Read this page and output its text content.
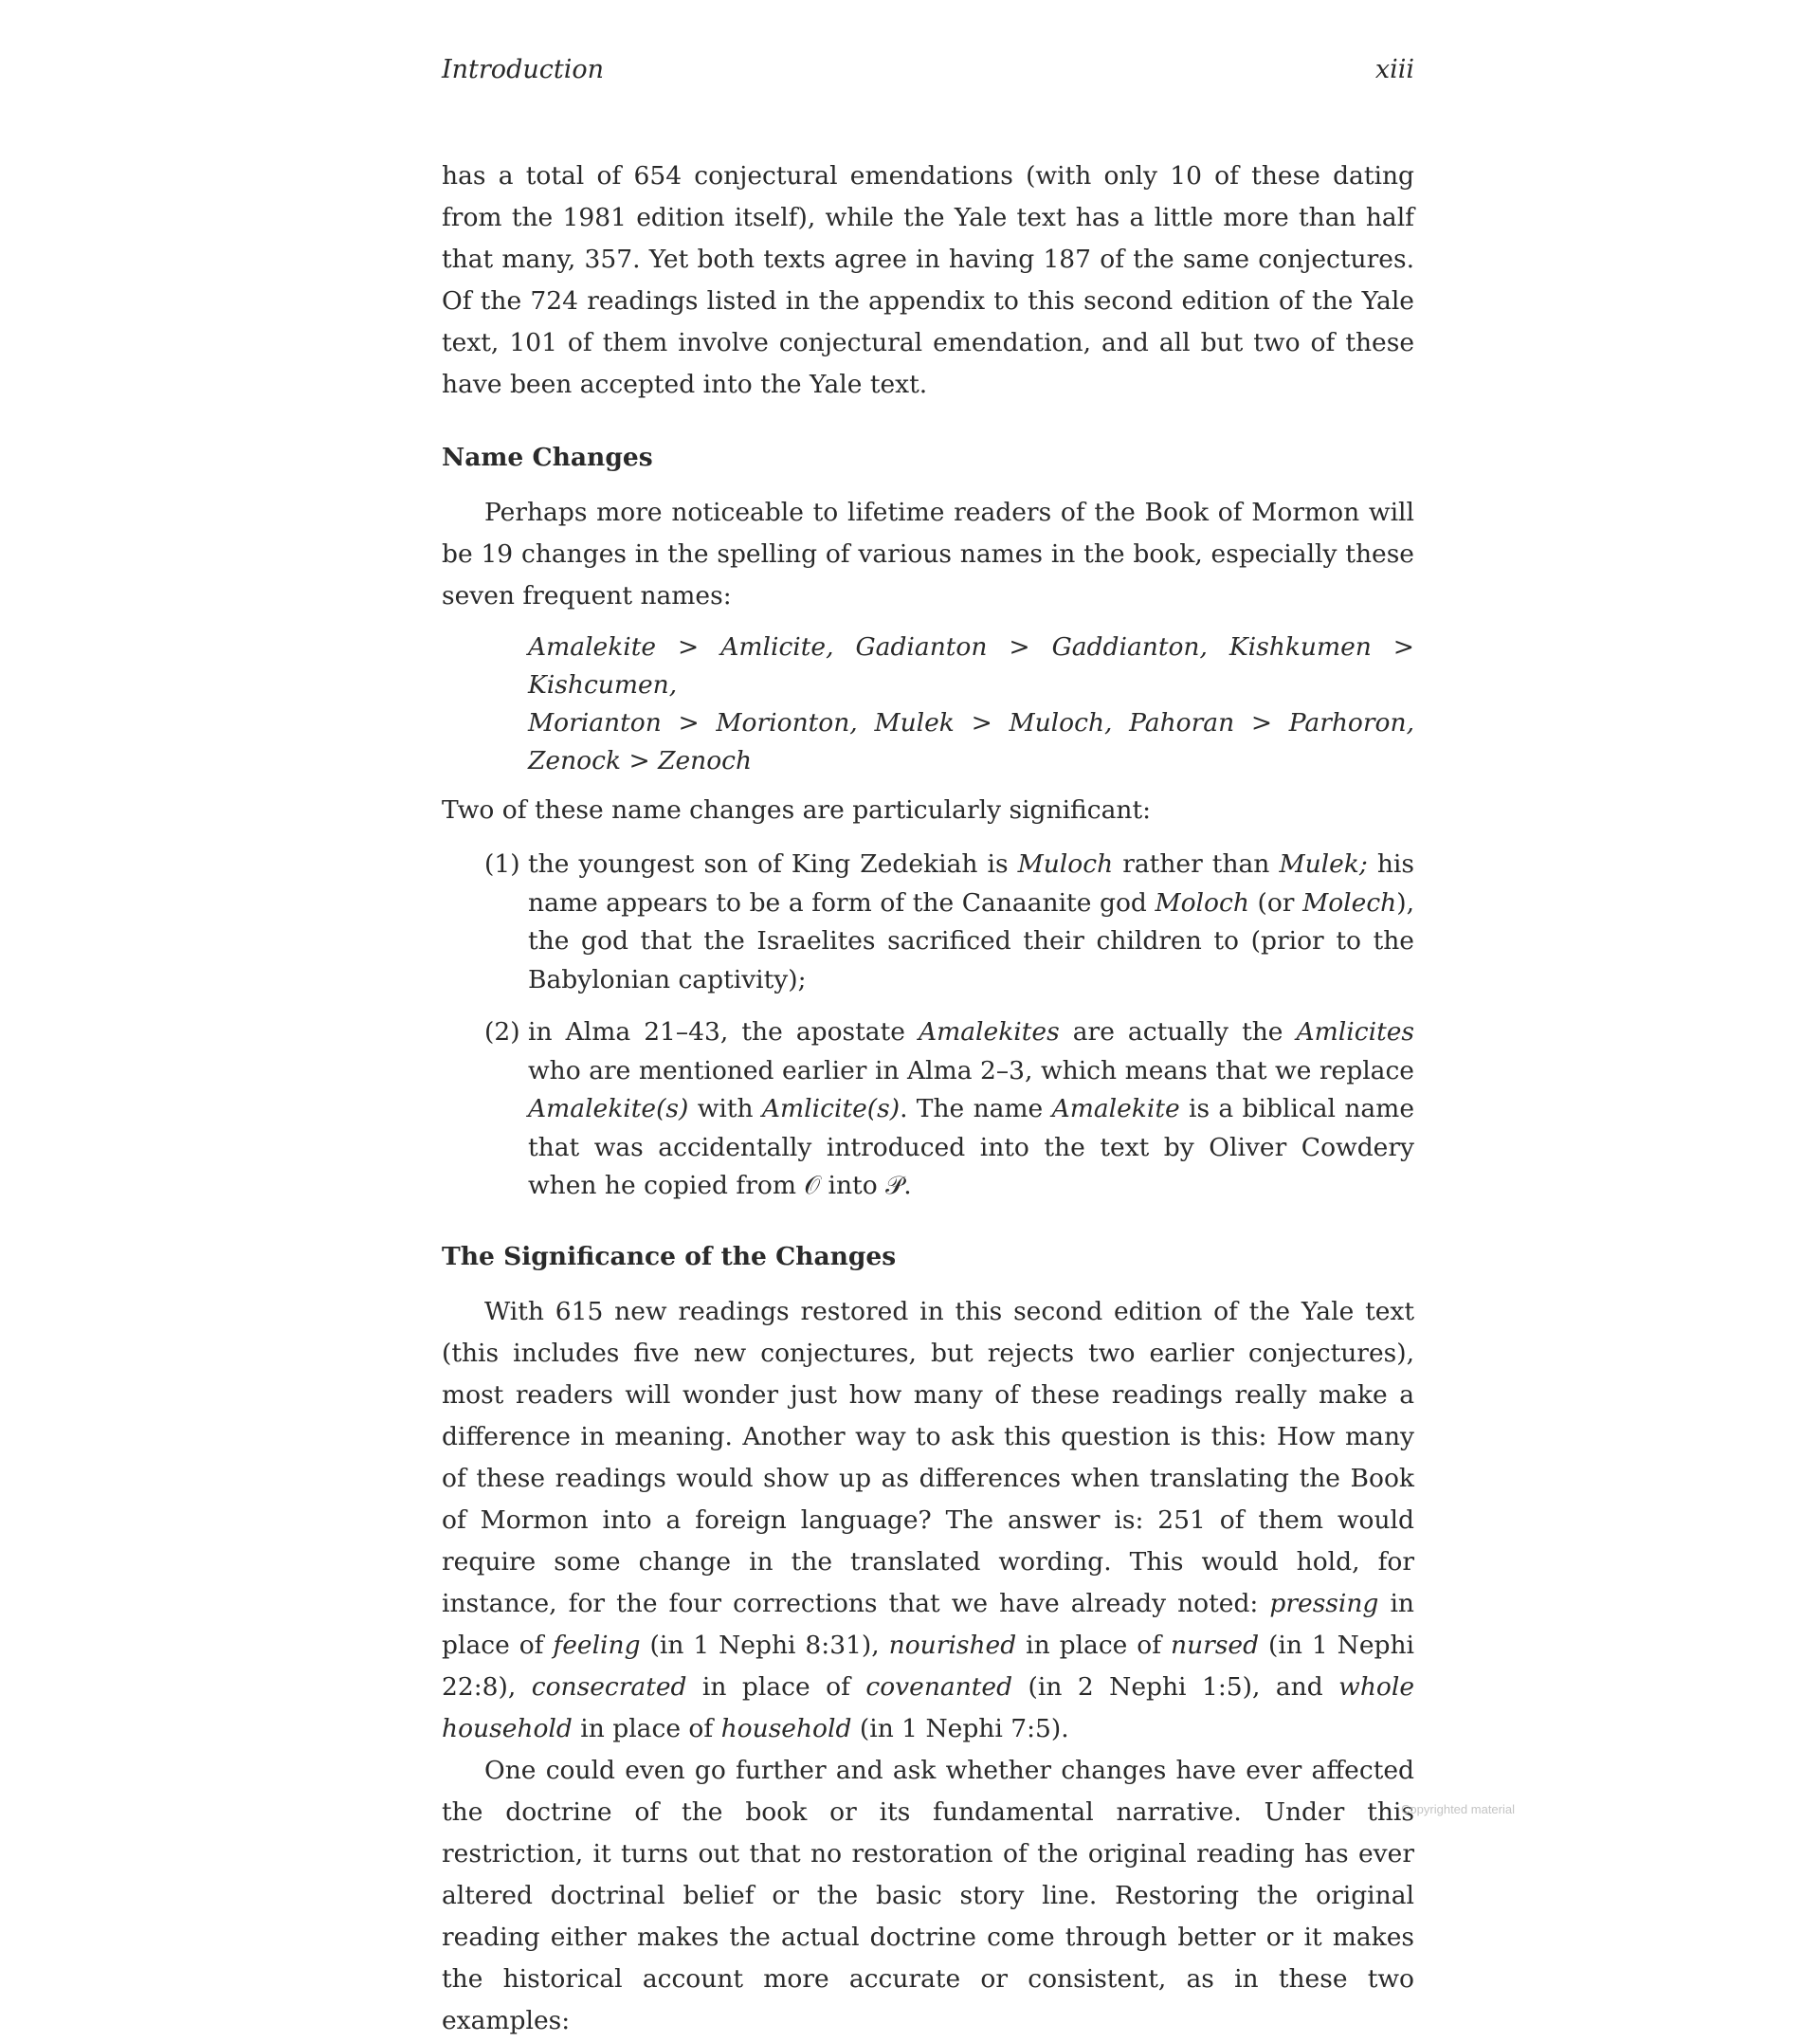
Introduction	xiii

has a total of 654 conjectural emendations (with only 10 of these dating from the 1981 edition itself), while the Yale text has a little more than half that many, 357. Yet both texts agree in having 187 of the same conjectures. Of the 724 readings listed in the appendix to this second edition of the Yale text, 101 of them involve conjectural emendation, and all but two of these have been accepted into the Yale text.

Name Changes

Perhaps more noticeable to lifetime readers of the Book of Mormon will be 19 changes in the spelling of various names in the book, especially these seven frequent names:

Amalekite > Amlicite, Gadianton > Gaddianton, Kishkumen > Kishcumen,
Morianton > Morionton, Mulek > Muloch, Pahoran > Parhoron, Zenock > Zenoch

Two of these name changes are particularly significant:

(1) the youngest son of King Zedekiah is Muloch rather than Mulek; his name appears to be a form of the Canaanite god Moloch (or Molech), the god that the Israelites sacrificed their children to (prior to the Babylonian captivity);
(2) in Alma 21–43, the apostate Amalekites are actually the Amlicites who are mentioned earlier in Alma 2–3, which means that we replace Amalekite(s) with Amlicite(s). The name Amalekite is a biblical name that was accidentally introduced into the text by Oliver Cowdery when he copied from 𝒪 into 𝒫.
The Significance of the Changes

With 615 new readings restored in this second edition of the Yale text (this includes five new conjectures, but rejects two earlier conjectures), most readers will wonder just how many of these readings really make a difference in meaning. Another way to ask this question is this: How many of these readings would show up as differences when translating the Book of Mormon into a foreign language? The answer is: 251 of them would require some change in the translated wording. This would hold, for instance, for the four corrections that we have already noted: pressing in place of feeling (in 1 Nephi 8:31), nourished in place of nursed (in 1 Nephi 22:8), consecrated in place of covenanted (in 2 Nephi 1:5), and whole household in place of household (in 1 Nephi 7:5).

One could even go further and ask whether changes have ever affected the doctrine of the book or its fundamental narrative. Under this restriction, it turns out that no restoration of the original reading has ever altered doctrinal belief or the basic story line. Restoring the original reading either makes the actual doctrine come through better or it makes the historical account more accurate or consistent, as in these two examples:

Copyrighted material
